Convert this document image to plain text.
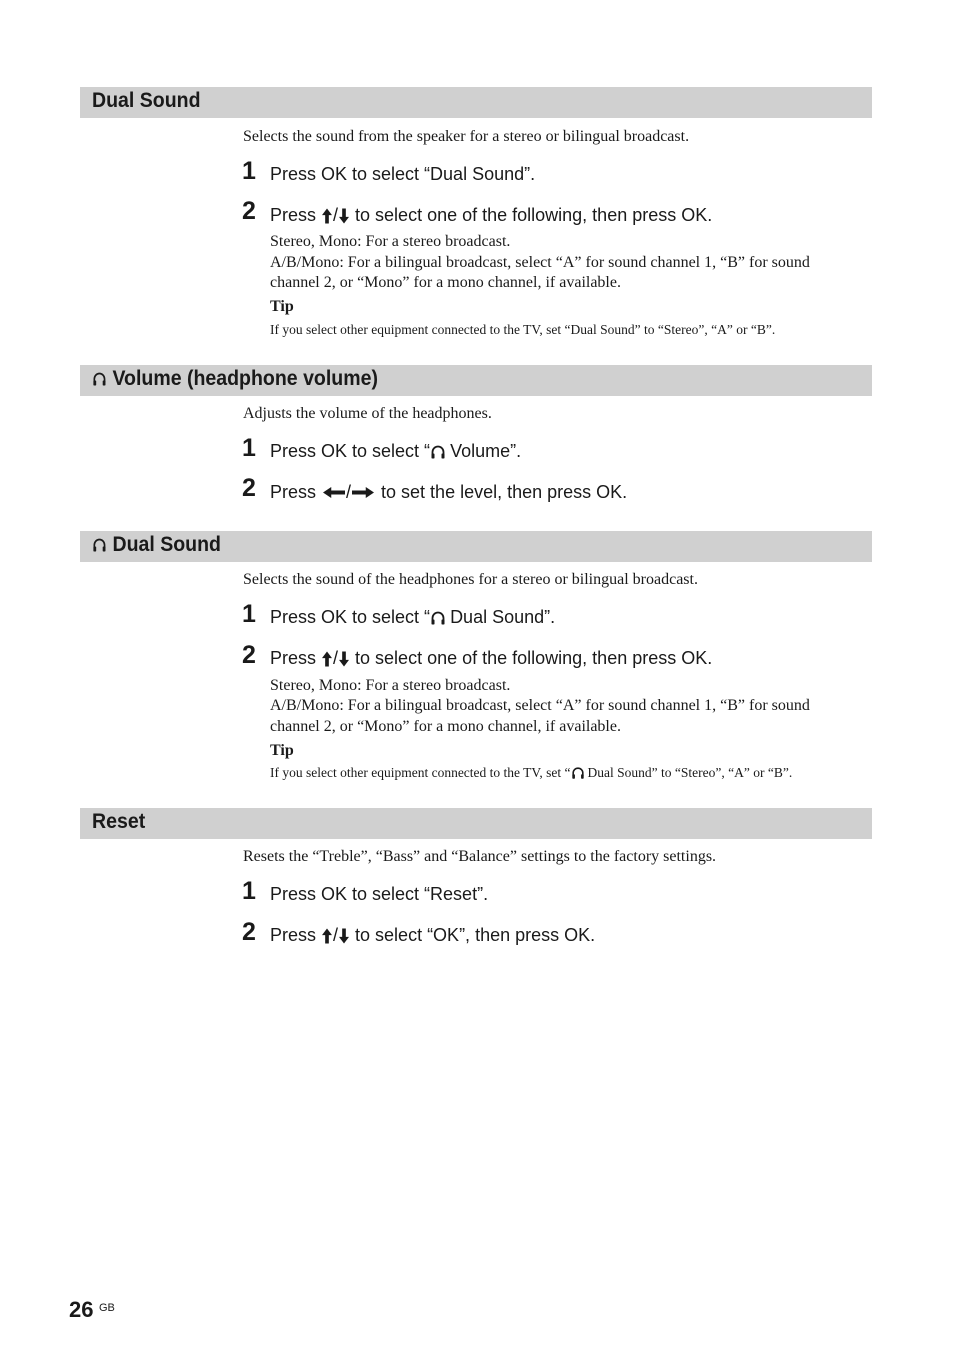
Dual Sound
Selects the sound from the speaker for a stereo or bilingual broadcast.
1 Press OK to select “Dual Sound”.
2 Press / to select one of the following, then press OK.
Stereo, Mono: For a stereo broadcast.
A/B/Mono: For a bilingual broadcast, select “A” for sound channel 1, “B” for sound channel 2, or “Mono” for a mono channel, if available.
Tip
If you select other equipment connected to the TV, set “Dual Sound” to “Stereo”, “A” or “B”.
Volume (headphone volume)
Adjusts the volume of the headphones.
1 Press OK to select “ Volume”.
2 Press / to set the level, then press OK.
Dual Sound
Selects the sound of the headphones for a stereo or bilingual broadcast.
1 Press OK to select “ Dual Sound”.
2 Press / to select one of the following, then press OK.
Stereo, Mono: For a stereo broadcast.
A/B/Mono: For a bilingual broadcast, select “A” for sound channel 1, “B” for sound channel 2, or “Mono” for a mono channel, if available.
Tip
If you select other equipment connected to the TV, set “ Dual Sound” to “Stereo”, “A” or “B”.
Reset
Resets the “Treble”, “Bass” and “Balance” settings to the factory settings.
1 Press OK to select “Reset”.
2 Press / to select “OK”, then press OK.
26 GB
